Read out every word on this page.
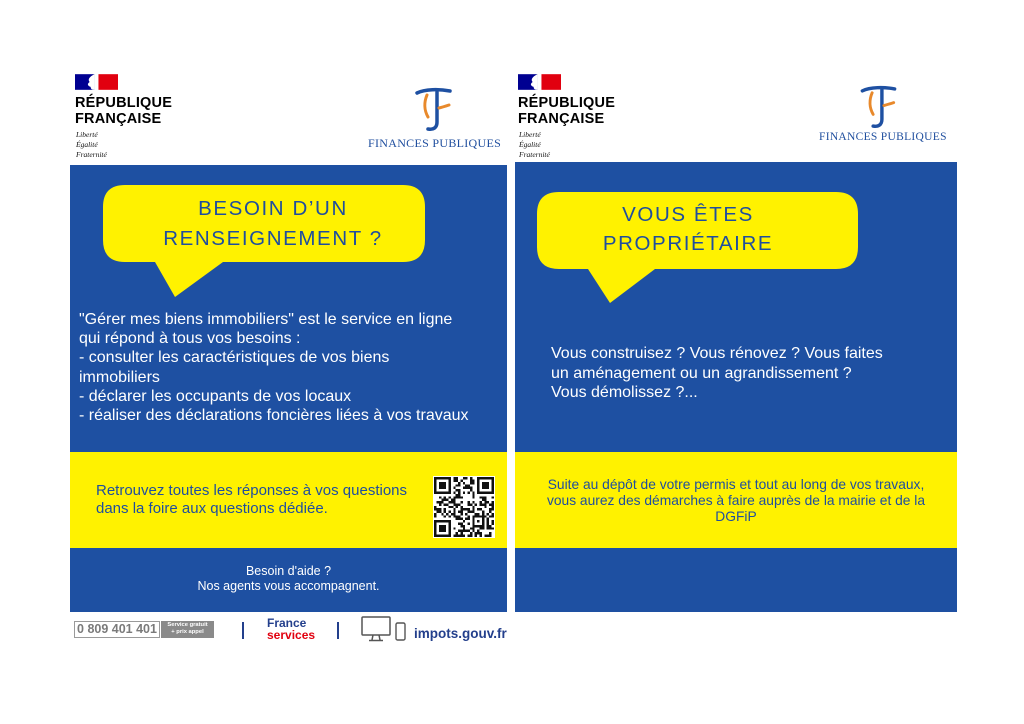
RÉPUBLIQUE
FRANÇAISE
Liberté
Égalité
Fraternité
FINANCES PUBLIQUES
BESOIN D’UN
RENSEIGNEMENT ?
"Gérer mes biens immobiliers" est le service en ligne
qui répond à tous vos besoins :
- consulter les caractéristiques de vos biens
immobiliers
- déclarer les occupants de vos locaux
- réaliser des déclarations foncières liées à vos travaux
Retrouvez toutes les réponses à vos questions
dans la foire aux questions dédiée.
Besoin d'aide ?
Nos agents vous accompagnent.
RÉPUBLIQUE
FRANÇAISE
Liberté
Égalité
Fraternité
FINANCES PUBLIQUES
VOUS ÊTES
PROPRIÉTAIRE
Vous construisez ? Vous rénovez ? Vous faites
un aménagement ou un agrandissement ?
Vous démolissez ?...
Suite au dépôt de votre permis et tout au long de vos travaux,
vous aurez des démarches à faire auprès de la mairie et de la
DGFiP
0 809 401 401	Service gratuit
+ prix appel
France
services	impots.gouv.fr
